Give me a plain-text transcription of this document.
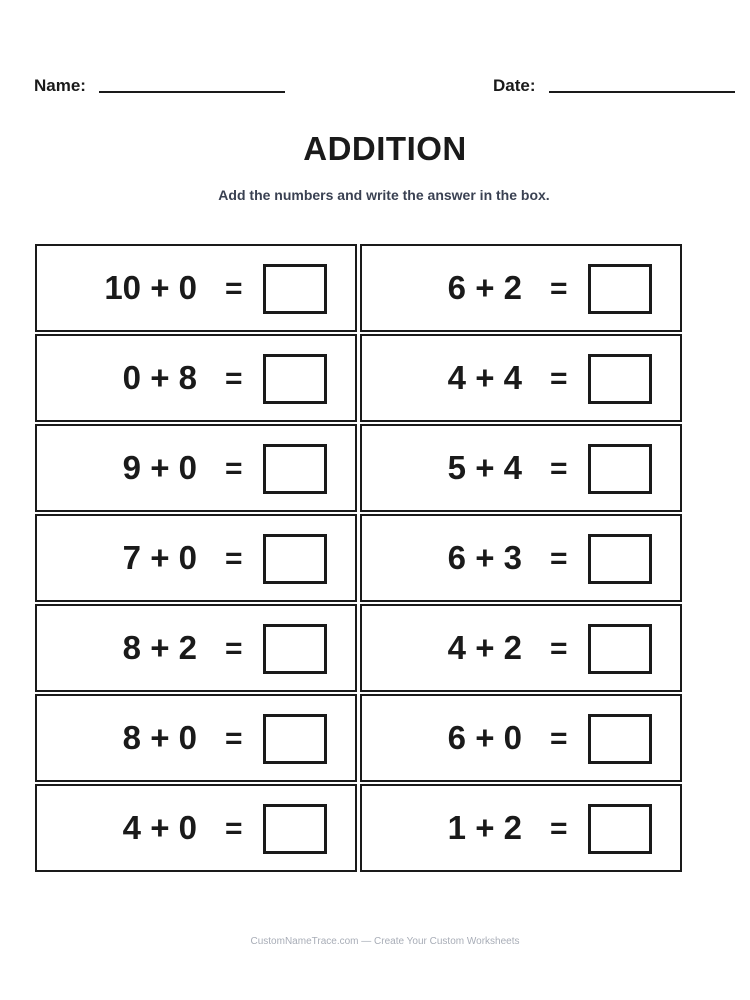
Name:	Date:
ADDITION
Add the numbers and write the answer in the box.
10 + 0 =	6 + 2 =
0 + 8 =	4 + 4 =
9 + 0 =	5 + 4 =
7 + 0 =	6 + 3 =
8 + 2 =	4 + 2 =
8 + 0 =	6 + 0 =
4 + 0 =	1 + 2 =
CustomNameTrace.com — Create Your Custom Worksheets
